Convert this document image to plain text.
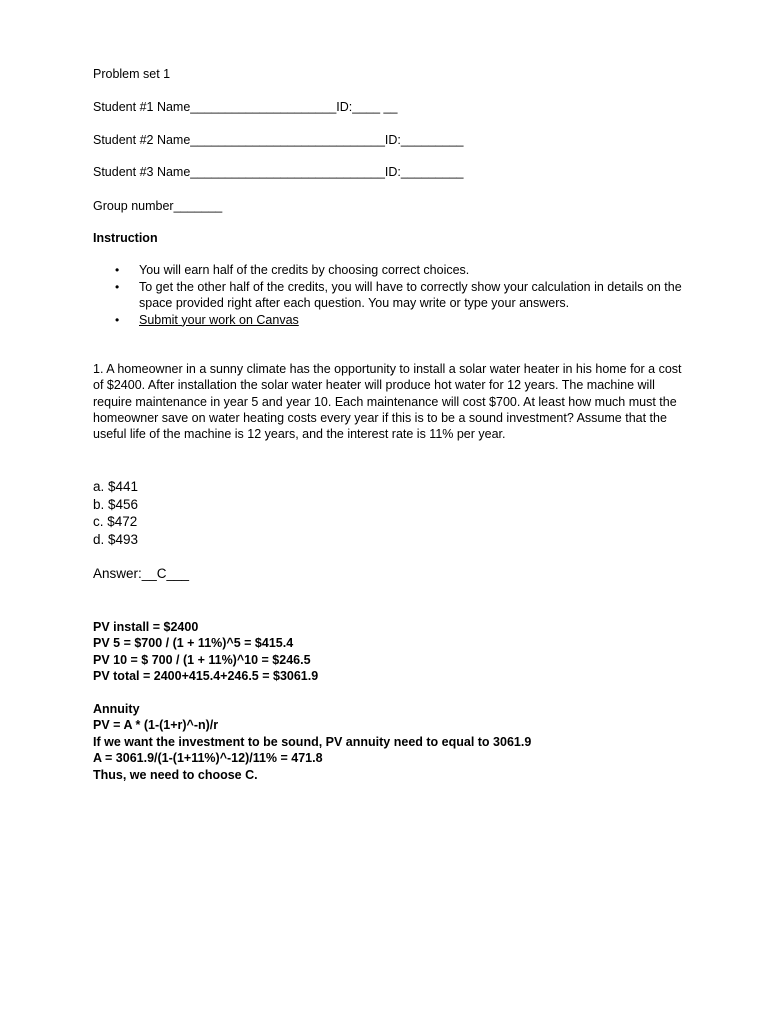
Problem set 1
Student #1 Name_____________________ID:____ __
Student #2 Name____________________________ID:_________
Student #3 Name____________________________ID:_________
Group number_______
Instruction
• You will earn half of the credits by choosing correct choices.
• To get the other half of the credits, you will have to correctly show your calculation in details on the space provided right after each question. You may write or type your answers.
• Submit your work on Canvas
1. A homeowner in a sunny climate has the opportunity to install a solar water heater in his home for a cost of $2400. After installation the solar water heater will produce hot water for 12 years. The machine will require maintenance in year 5 and year 10. Each maintenance will cost $700. At least how much must the homeowner save on water heating costs every year if this is to be a sound investment? Assume that the useful life of the machine is 12 years, and the interest rate is 11% per year.
a. $441
b. $456
c. $472
d. $493
Answer:__C___
PV install = $2400
PV 5 = $700 / (1 + 11%)^5 = $415.4
PV 10 = $ 700 / (1 + 11%)^10 = $246.5
PV total = 2400+415.4+246.5 = $3061.9
Annuity
PV = A * (1-(1+r)^-n)/r
If we want the investment to be sound, PV annuity need to equal to 3061.9
A = 3061.9/(1-(1+11%)^-12)/11% = 471.8
Thus, we need to choose C.
